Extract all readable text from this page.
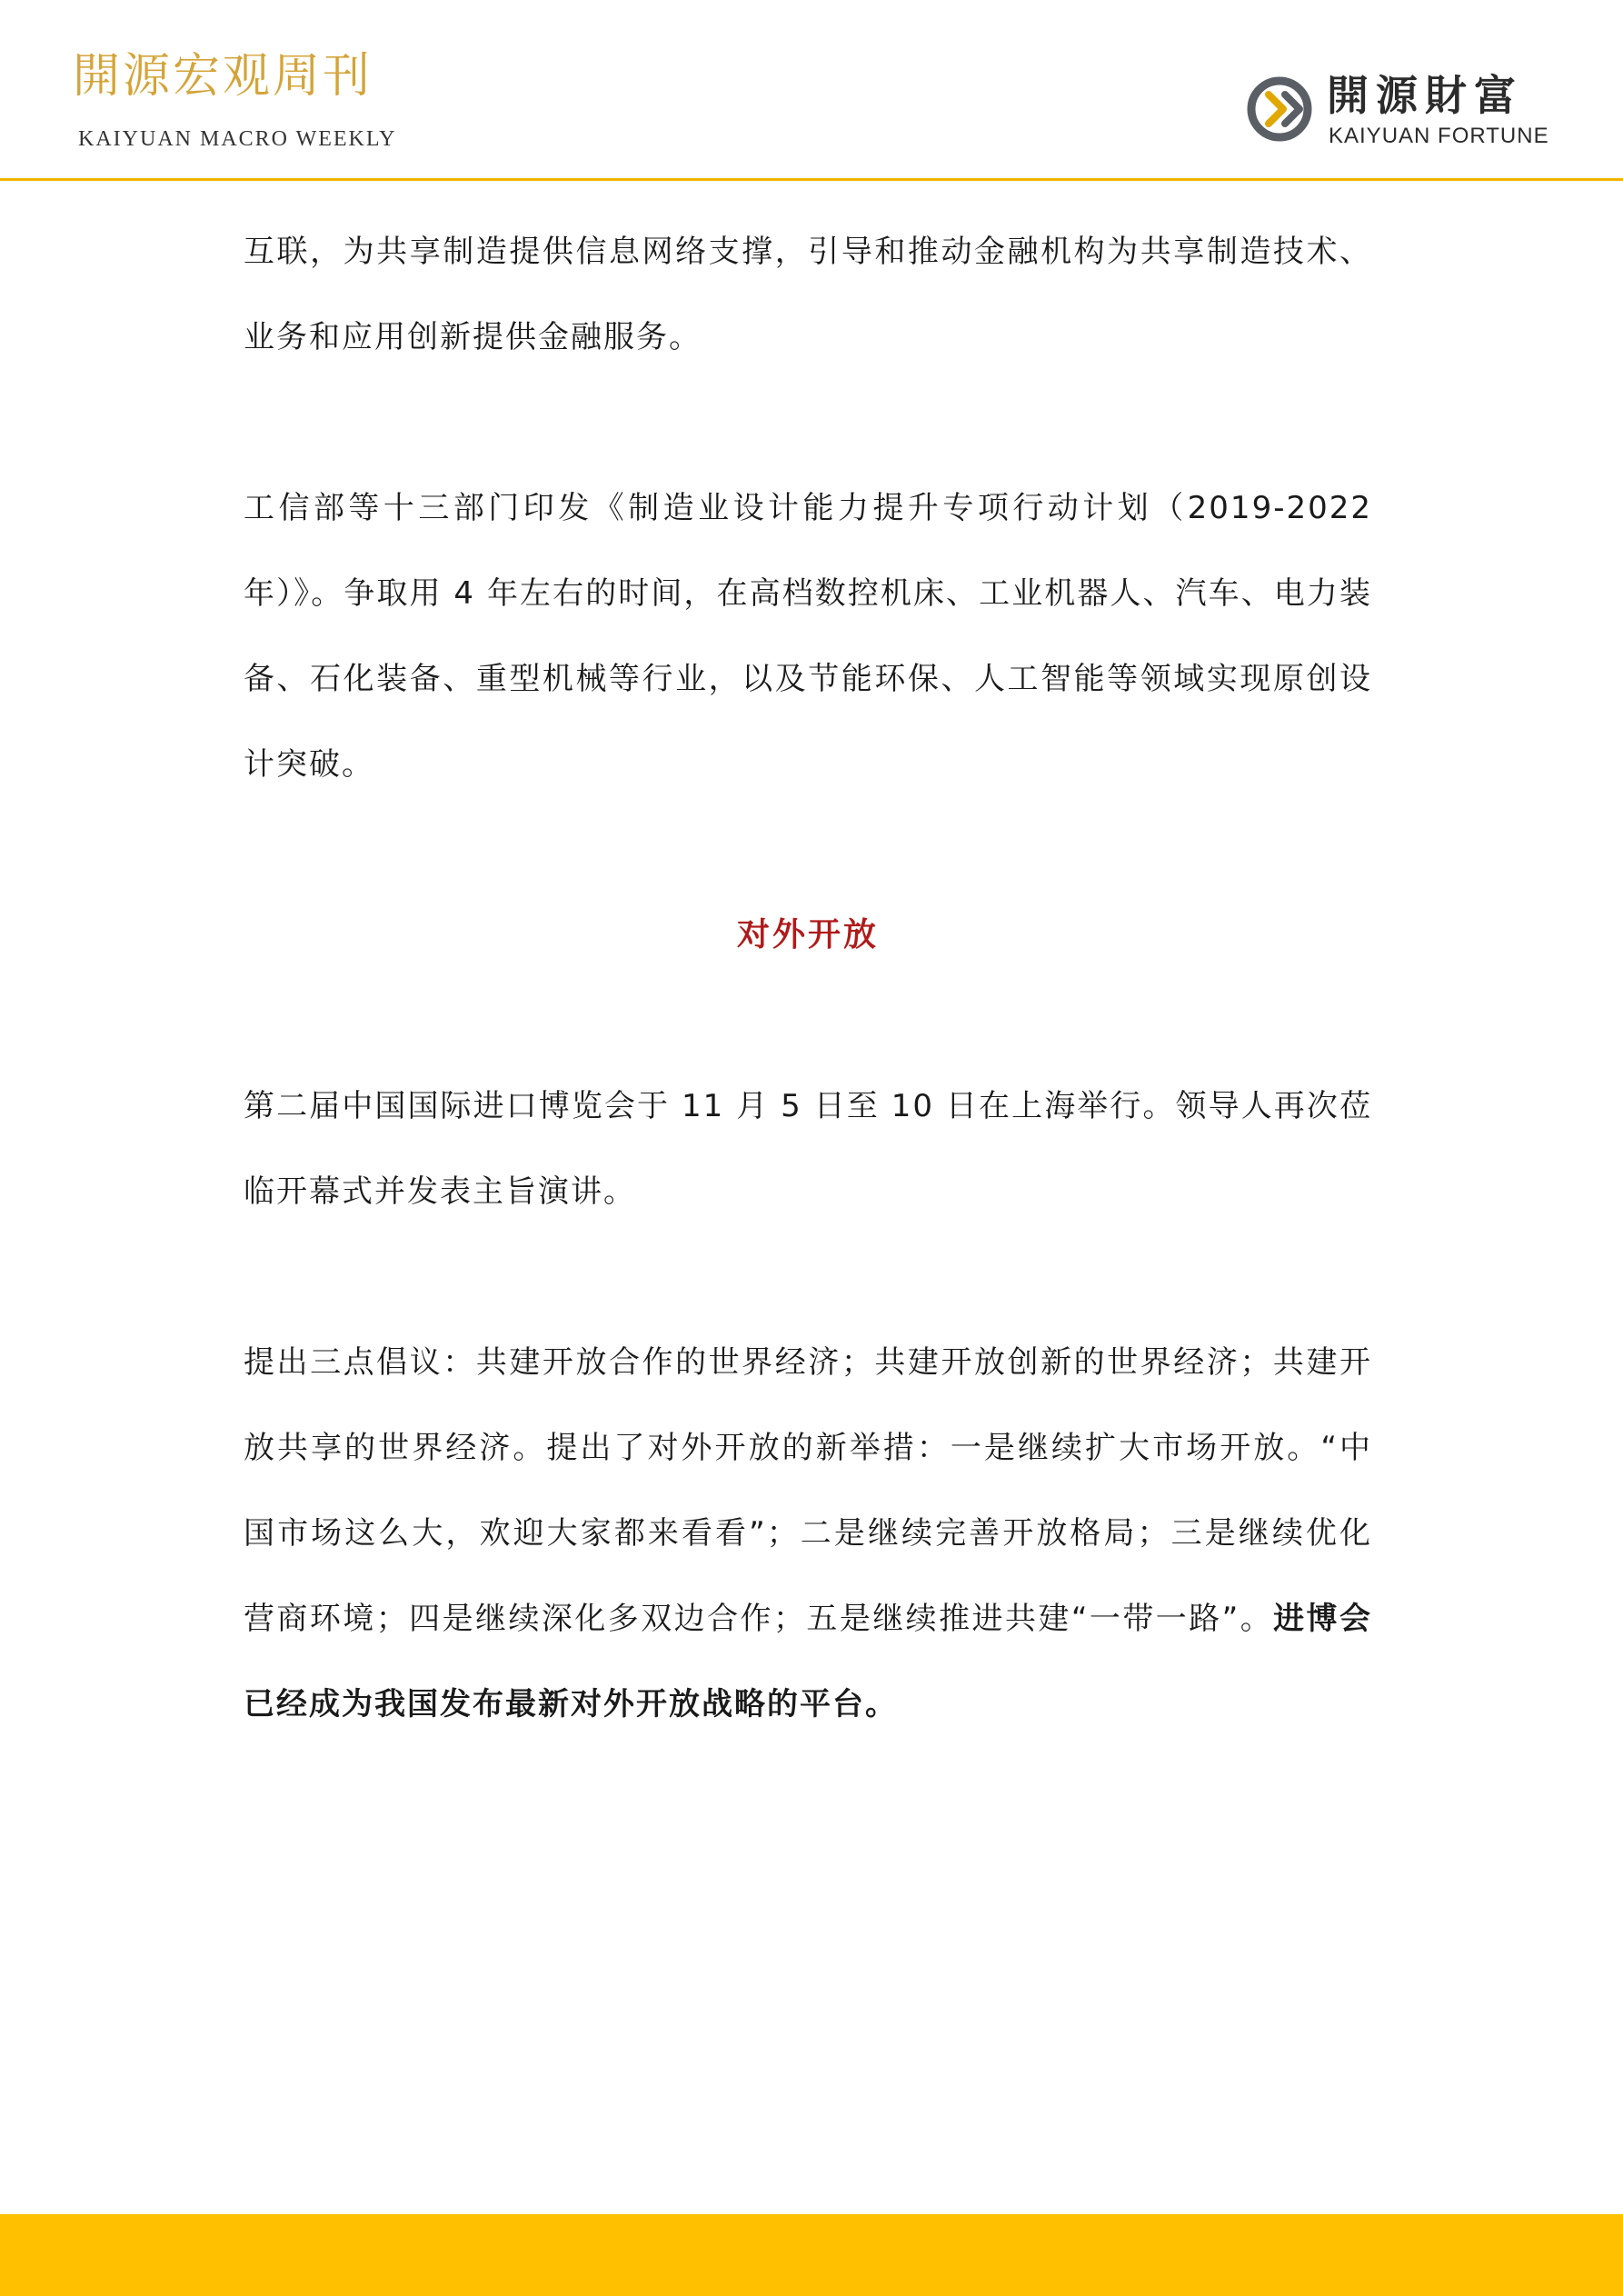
開源宏观周刊
KAIYUAN MACRO WEEKLY
開源財富
KAIYUAN FORTUNE

互联，为共享制造提供信息网络支撑，引导和推动金融机构为共享制造技术、业务和应用创新提供金融服务。

工信部等十三部门印发《制造业设计能力提升专项行动计划（2019-2022 年）》。争取用 4 年左右的时间，在高档数控机床、工业机器人、汽车、电力装备、石化装备、重型机械等行业，以及节能环保、人工智能等领域实现原创设计突破。

对外开放

第二届中国国际进口博览会于 11 月 5 日至 10 日在上海举行。领导人再次莅临开幕式并发表主旨演讲。

提出三点倡议：共建开放合作的世界经济；共建开放创新的世界经济；共建开放共享的世界经济。提出了对外开放的新举措：一是继续扩大市场开放。“中国市场这么大，欢迎大家都来看看”；二是继续完善开放格局；三是继续优化营商环境；四是继续深化多双边合作；五是继续推进共建“一带一路”。进博会已经成为我国发布最新对外开放战略的平台。
